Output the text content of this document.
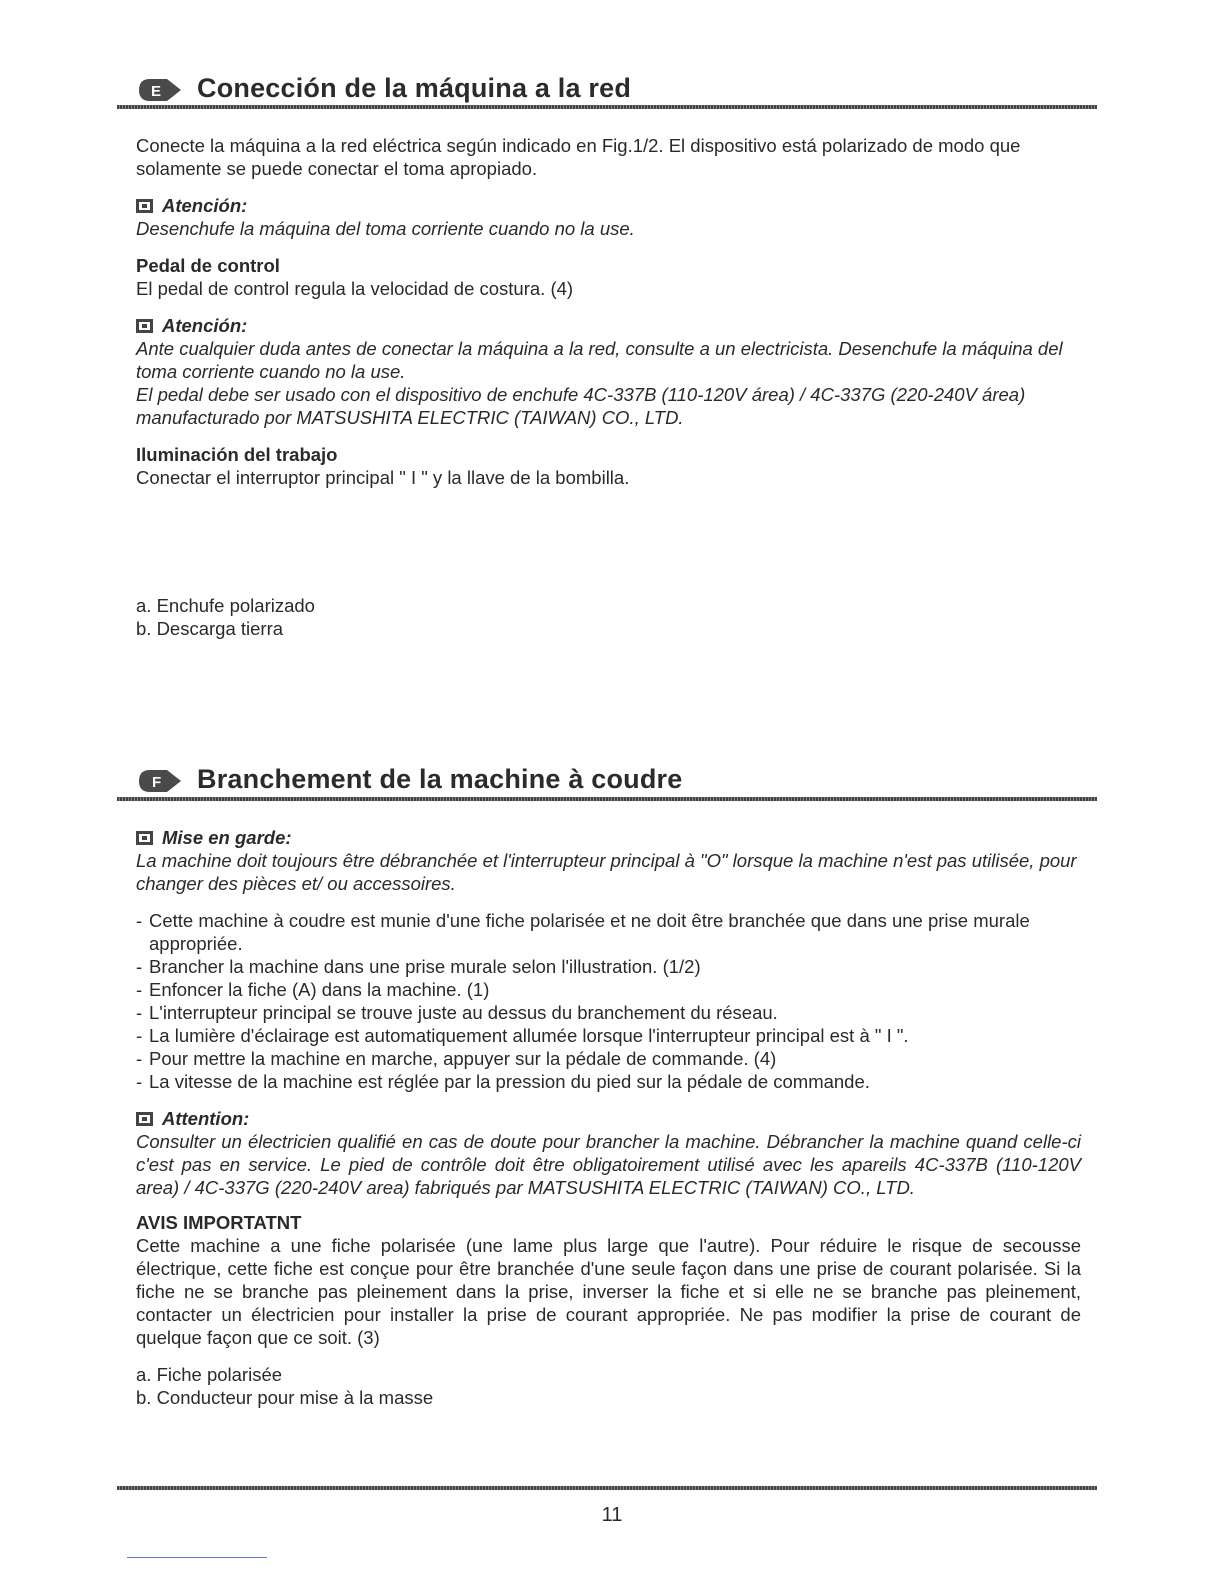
E Conección de la máquina a la red

Conecte la máquina a la red eléctrica según indicado en Fig.1/2. El dispositivo está polarizado de modo que solamente se puede conectar el toma apropiado.

Atención:

Desenchufe la máquina del toma corriente cuando no la use.

Pedal de control

El pedal de control regula la velocidad de costura. (4)

Atención:

Ante cualquier duda antes de conectar la máquina a la red, consulte a un electricista. Desenchufe la máquina del toma corriente cuando no la use.

El pedal debe ser usado con el dispositivo de enchufe 4C-337B (110-120V área) / 4C-337G (220-240V área) manufacturado por MATSUSHITA ELECTRIC (TAIWAN) CO., LTD.

Iluminación del trabajo

Conectar el interruptor principal " I " y la llave de la bombilla.

a. Enchufe polarizado
b. Descarga tierra
F Branchement de la machine à coudre
Mise en garde:

La machine doit toujours être débranchée et l'interrupteur principal à "O" lorsque la machine n'est pas utilisée, pour changer des pièces et/ ou accessoires.

- Cette machine à coudre est munie d'une fiche polarisée et ne doit être branchée que dans une prise murale appropriée.
- Brancher la machine dans une prise murale selon l'illustration. (1/2)
- Enfoncer la fiche (A) dans la machine. (1)
- L'interrupteur principal se trouve juste au dessus du branchement du réseau.
- La lumière d'éclairage est automatiquement allumée lorsque l'interrupteur principal est à " I ".
- Pour mettre la machine en marche, appuyer sur la pédale de commande. (4)
- La vitesse de la machine est réglée par la pression du pied sur la pédale de commande.
Attention:

Consulter un électricien qualifié en cas de doute pour brancher la machine. Débrancher la machine quand celle-ci c'est pas en service. Le pied de contrôle doit être obligatoirement utilisé avec les apareils 4C-337B (110-120V area) / 4C-337G (220-240V area) fabriqués par MATSUSHITA ELECTRIC (TAIWAN) CO., LTD.

AVIS IMPORTATNT

Cette machine a une fiche polarisée (une lame plus large que l'autre). Pour réduire le risque de secousse électrique, cette fiche est conçue pour être branchée d'une seule façon dans une prise de courant polarisée. Si la fiche ne se branche pas pleinement dans la prise, inverser la fiche et si elle ne se branche pas pleinement, contacter un électricien pour installer la prise de courant appropriée. Ne pas modifier la prise de courant de quelque façon que ce soit. (3)

a. Fiche polarisée
b. Conducteur pour mise à la masse
11
